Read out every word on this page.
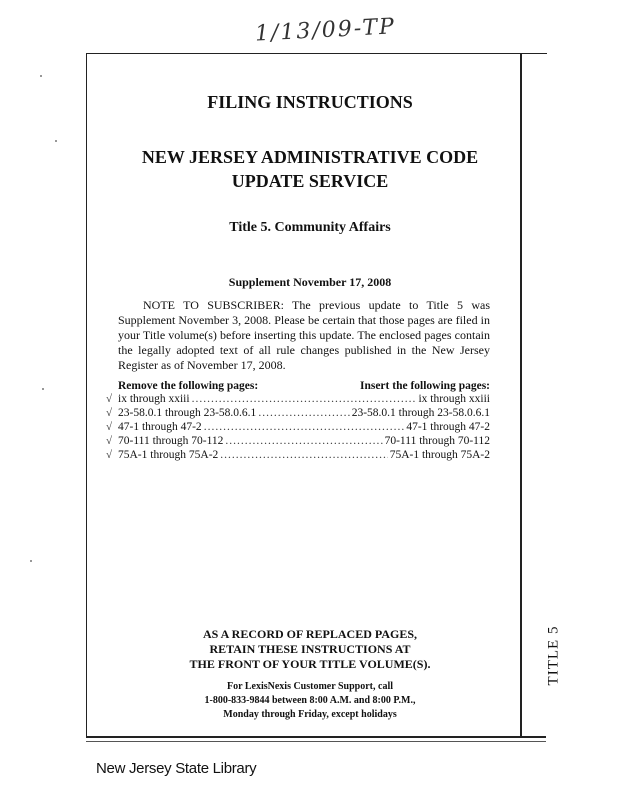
1/13/09-TP
TITLE 5
FILING INSTRUCTIONS
NEW JERSEY ADMINISTRATIVE CODE
UPDATE SERVICE
Title 5. Community Affairs
Supplement November 17, 2008
NOTE TO SUBSCRIBER: The previous update to Title 5 was Supplement November 3, 2008. Please be certain that those pages are filed in your Title volume(s) before inserting this update. The enclosed pages contain the legally adopted text of all rule changes published in the New Jersey Register as of November 17, 2008.
Remove the following pages:	Insert the following pages:
√ ix through xxiii .....	ix through xxiii
√ 23-58.0.1 through 23-58.0.6.1 .....	23-58.0.1 through 23-58.0.6.1
√ 47-1 through 47-2 .....	47-1 through 47-2
√ 70-111 through 70-112 .....	70-111 through 70-112
√ 75A-1 through 75A-2 .....	75A-1 through 75A-2
AS A RECORD OF REPLACED PAGES,
RETAIN THESE INSTRUCTIONS AT
THE FRONT OF YOUR TITLE VOLUME(S).
For LexisNexis Customer Support, call
1-800-833-9844 between 8:00 A.M. and 8:00 P.M.,
Monday through Friday, except holidays
New Jersey State Library
